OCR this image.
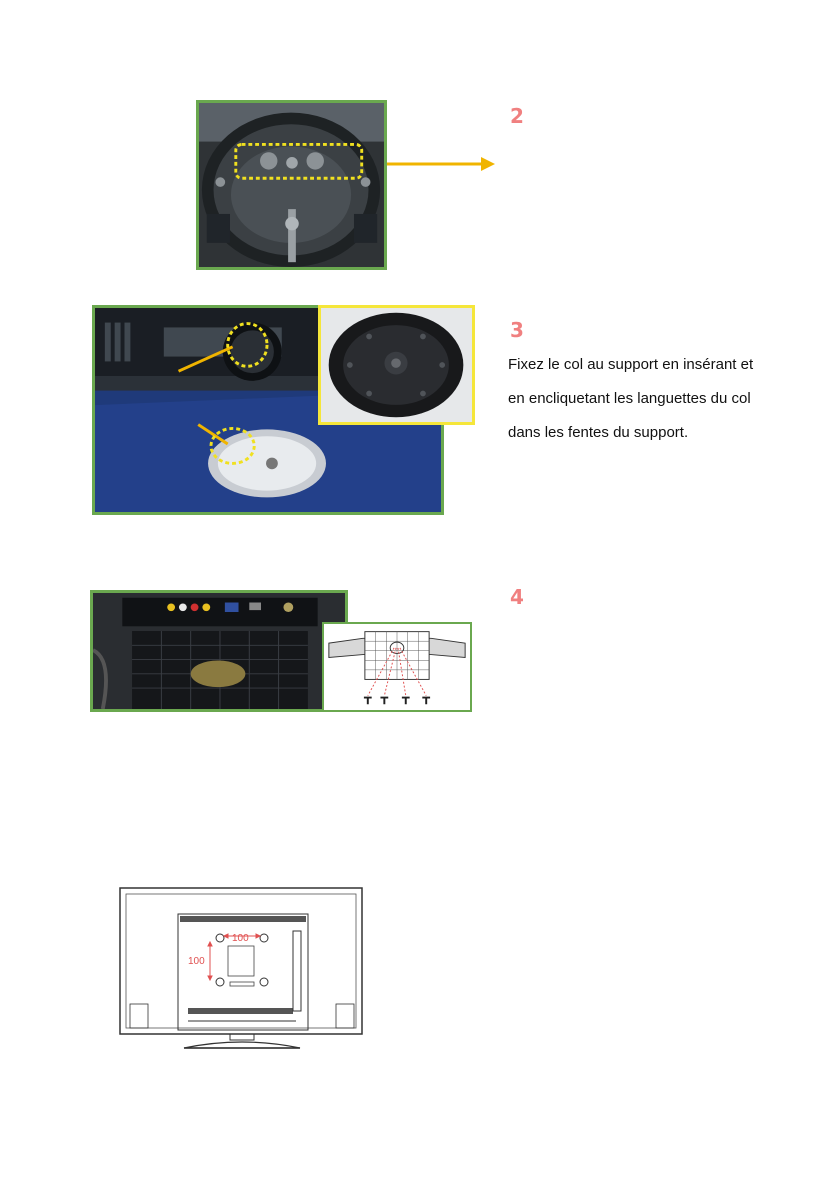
2
3
Fixez le col au support en insérant et
en encliquetant les languettes du col
dans les fentes du support.
4
100
100
